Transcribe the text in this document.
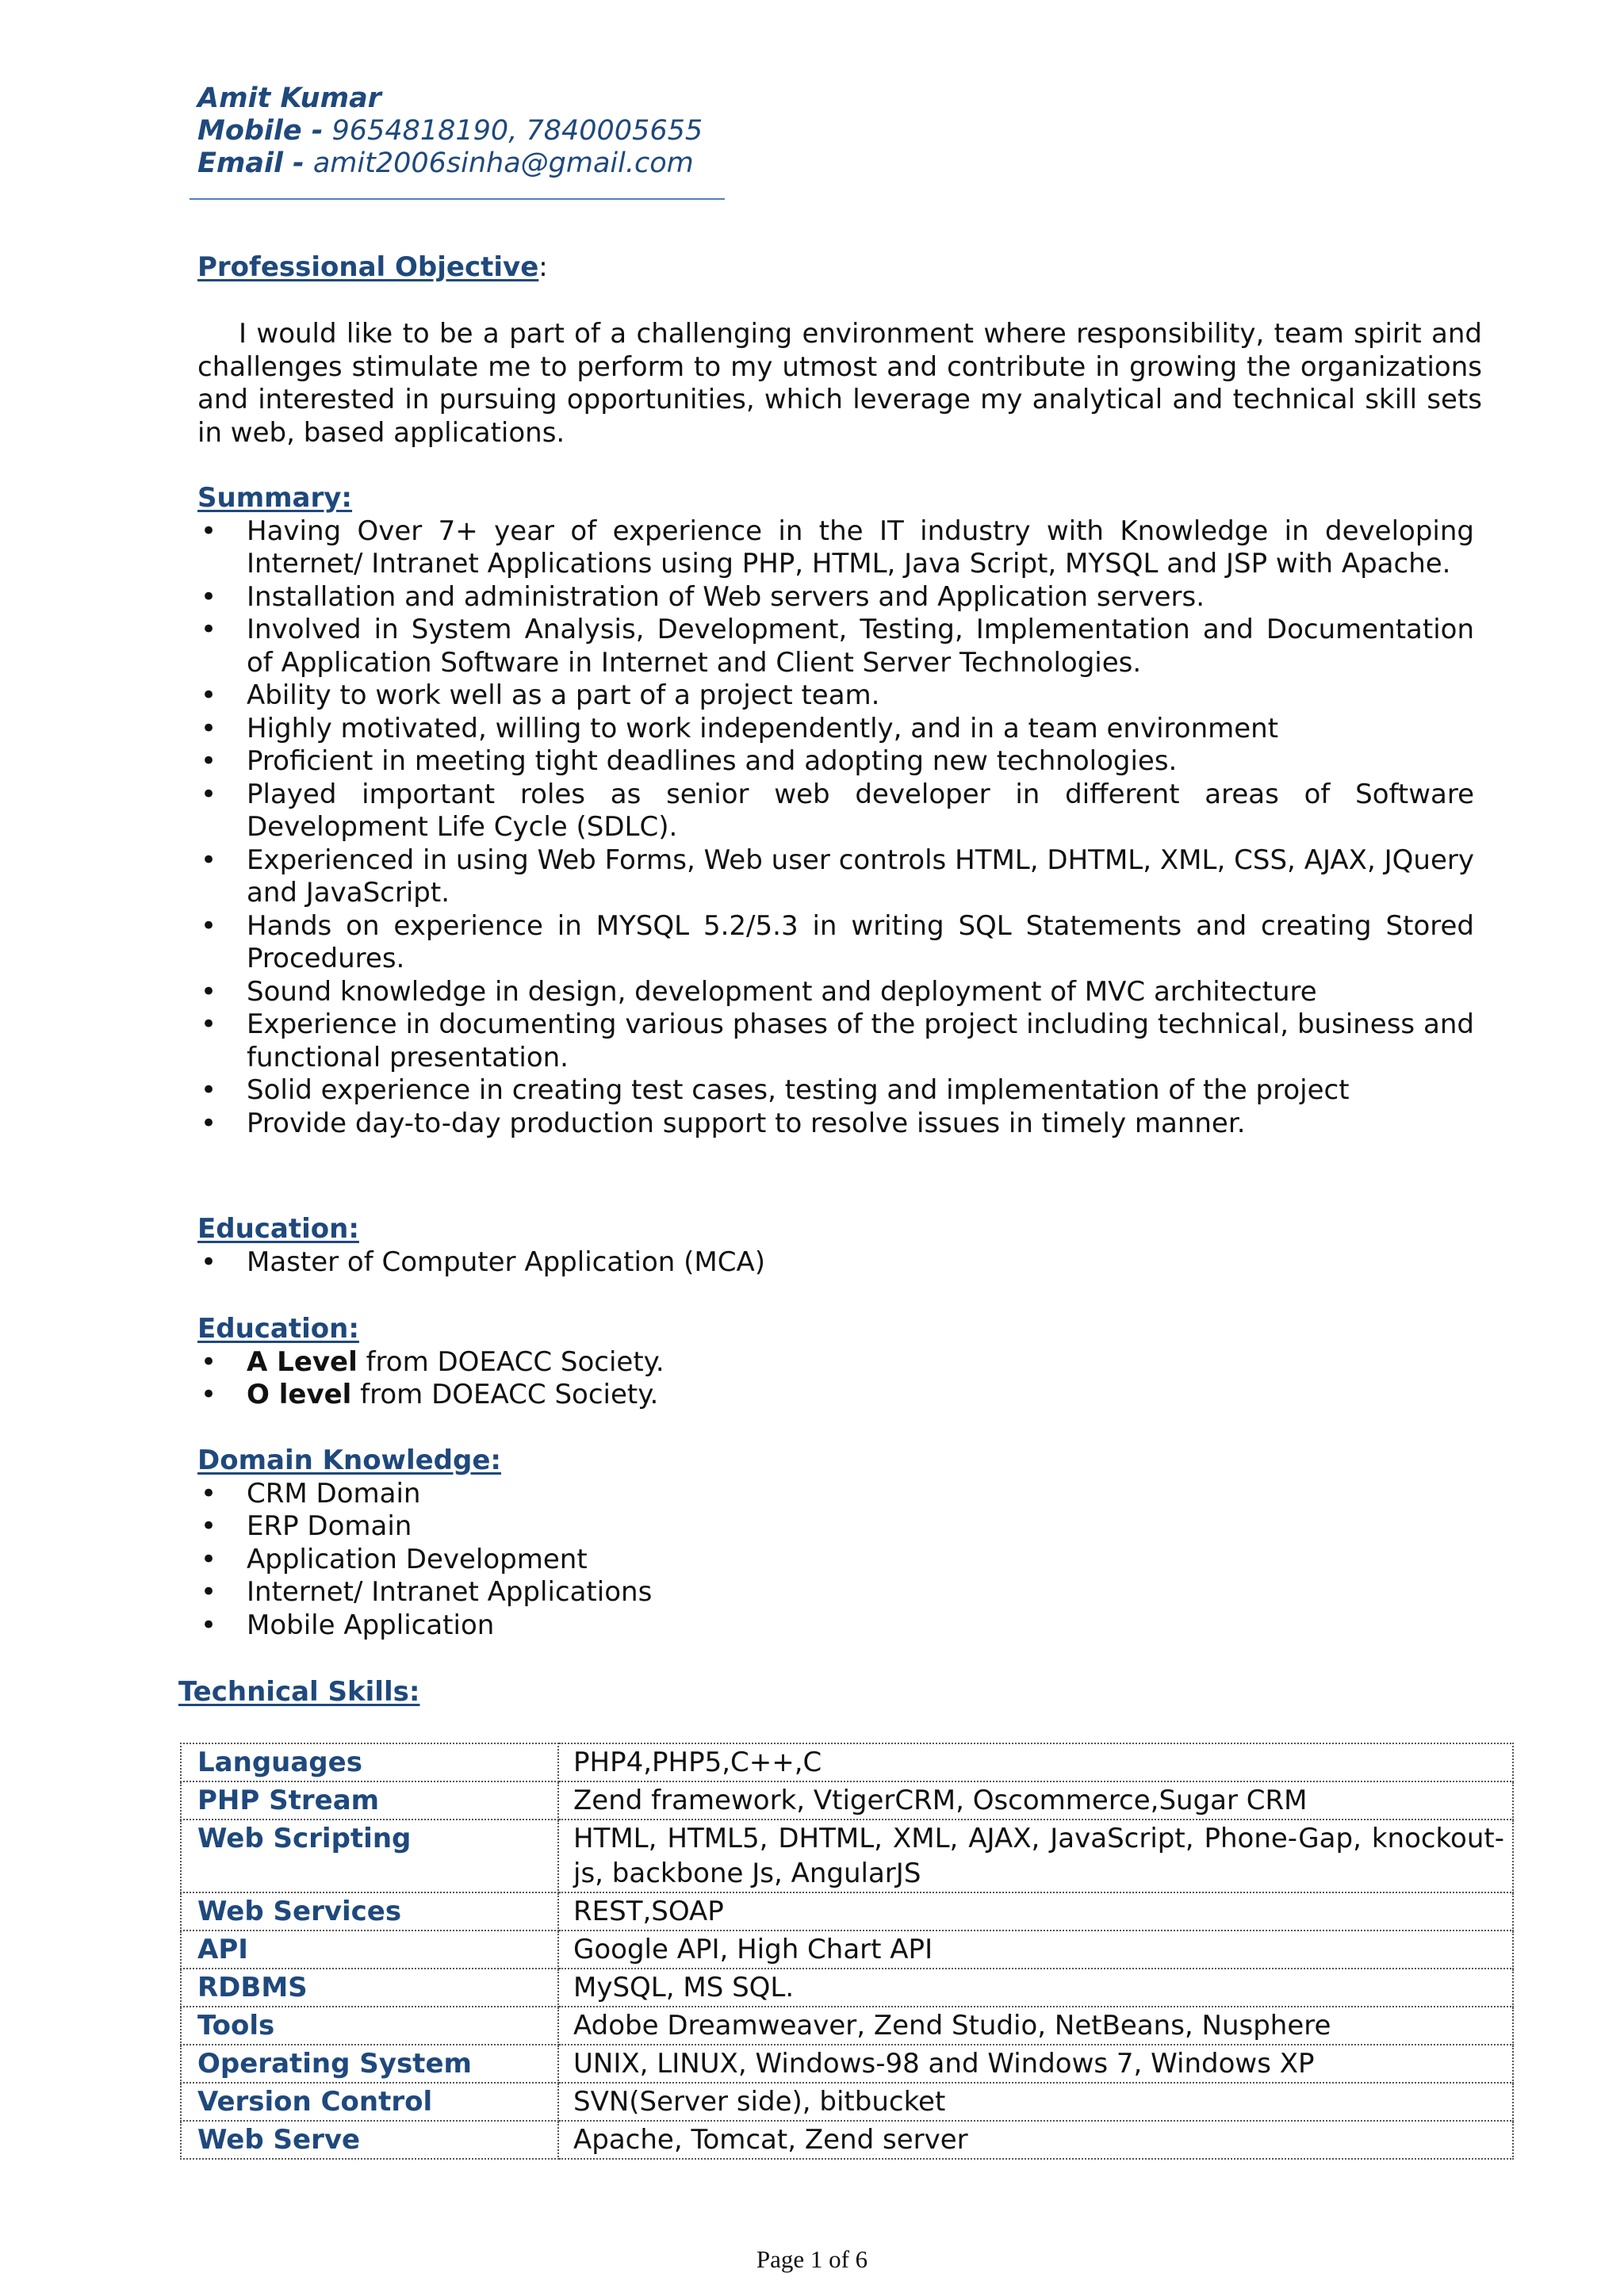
Amit Kumar
Mobile - 9654818190, 7840005655
Email - amit2006sinha@gmail.com
Professional Objective:

I would like to be a part of a challenging environment where responsibility, team spirit and challenges stimulate me to perform to my utmost and contribute in growing the organizations and interested in pursuing opportunities, which leverage my analytical and technical skill sets in web, based applications.

Summary:
• Having Over 7+ year of experience in the IT industry with Knowledge in developing Internet/ Intranet Applications using PHP, HTML, Java Script, MYSQL and JSP with Apache.
• Installation and administration of Web servers and Application servers.
• Involved in System Analysis, Development, Testing, Implementation and Documentation of Application Software in Internet and Client Server Technologies.
• Ability to work well as a part of a project team.
• Highly motivated, willing to work independently, and in a team environment
• Proficient in meeting tight deadlines and adopting new technologies.
• Played important roles as senior web developer in different areas of Software Development Life Cycle (SDLC).
• Experienced in using Web Forms, Web user controls HTML, DHTML, XML, CSS, AJAX, JQuery and JavaScript.
• Hands on experience in MYSQL 5.2/5.3 in writing SQL Statements and creating Stored Procedures.
• Sound knowledge in design, development and deployment of MVC architecture
• Experience in documenting various phases of the project including technical, business and functional presentation.
• Solid experience in creating test cases, testing and implementation of the project
• Provide day-to-day production support to resolve issues in timely manner.
Education:
• Master of Computer Application (MCA)
Education:
• A Level from DOEACC Society.
• O level from DOEACC Society.
Domain Knowledge:
• CRM Domain
• ERP Domain
• Application Development
• Internet/ Intranet Applications
• Mobile Application
Technical Skills:
Languages	PHP4,PHP5,C++,C
PHP Stream	Zend framework, VtigerCRM, Oscommerce,Sugar CRM
Web Scripting	HTML, HTML5, DHTML, XML, AJAX, JavaScript, Phone-Gap, knockout-js, backbone Js, AngularJS
Web Services	REST,SOAP
API	Google API, High Chart API
RDBMS	MySQL, MS SQL.
Tools	Adobe Dreamweaver, Zend Studio, NetBeans, Nusphere
Operating System	UNIX, LINUX, Windows-98 and Windows 7, Windows XP
Version Control	SVN(Server side), bitbucket
Web Serve	Apache, Tomcat, Zend server
Page 1 of 6
